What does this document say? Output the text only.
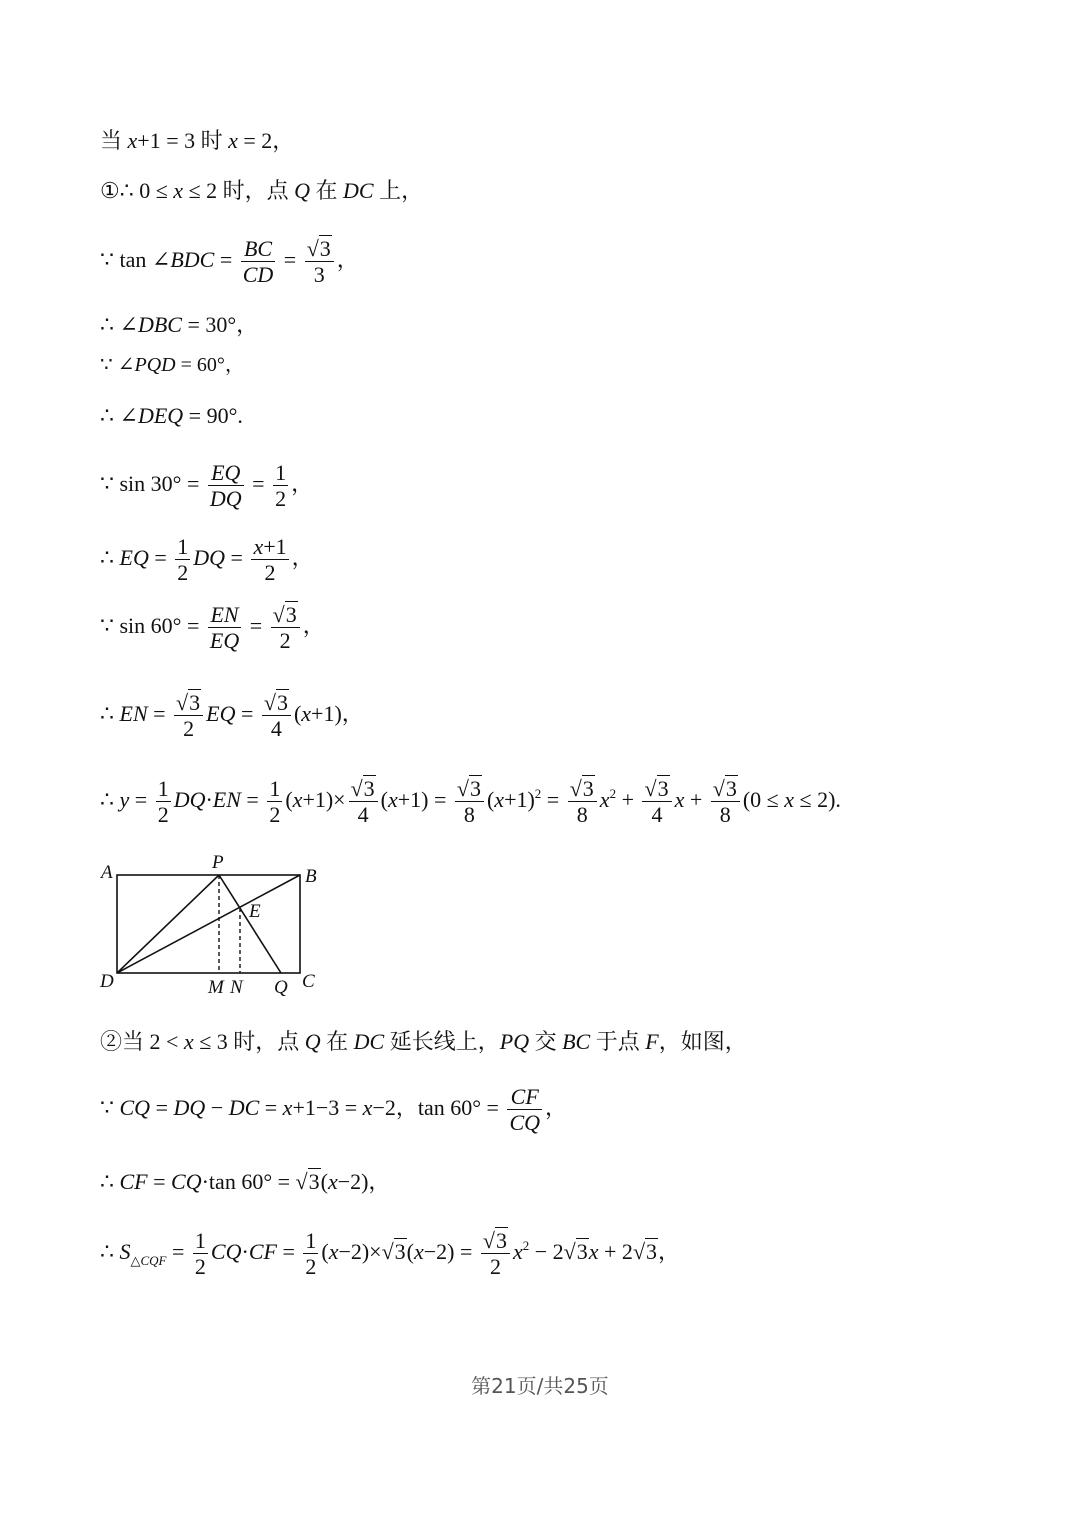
当 x+1 = 3 时 x = 2，
①∴ 0 ≤ x ≤ 2 时，点 Q 在 DC 上，
∵ tan ∠BDC = $\frac{BC}{CD} = \frac{√3}{3}$ ，
∴ ∠DBC = 30°，
∵ ∠PQD = 60°，
∴ ∠DEQ = 90°.
∵ $\sin 30^\circ = \frac{EQ}{DQ} = \frac{1}{2}$ ，
∴ EQ = $\frac{1}{2}$ DQ = $\frac{x+1}{2}$ ，
∵ $\sin 60^\circ = \frac{EN}{EQ} = \frac{√3}{2}$ ，
∴ EN = $\frac{√3}{2}$ EQ = $\frac{√3}{4} (x+1)$，
∴ $y = \frac{1}{2} DQ\cdot EN = \frac{1}{2} (x+1)\times \frac{√3}{4} (x+1) = \frac{√3}{8} (x+1)^2 = \frac{√3}{8} x^2 + \frac{√3}{4}$ $x + \frac{√3}{8} (0 \le x \le 2)$.
A	P
B
E
D	M N Q C
②当 2 < x ≤ 3 时，点 Q 在 DC 延长线上，PQ 交 BC 于点 F，如图，
∵ CQ = DQ − DC = x+1−3 = x−2，$\tan 60^\circ = \frac{CF}{CQ}$ ，
∴ CF = CQ·tan 60° = √3(x−2)，
∴ $S_{\triangle CQF} = \frac{1}{2} CQ\cdot CF = \frac{1}{2} (x-2)\times√3(x-2) = \frac{√3}{2} x^2 - 2√3x + 2√3$，
第21页/共25页
